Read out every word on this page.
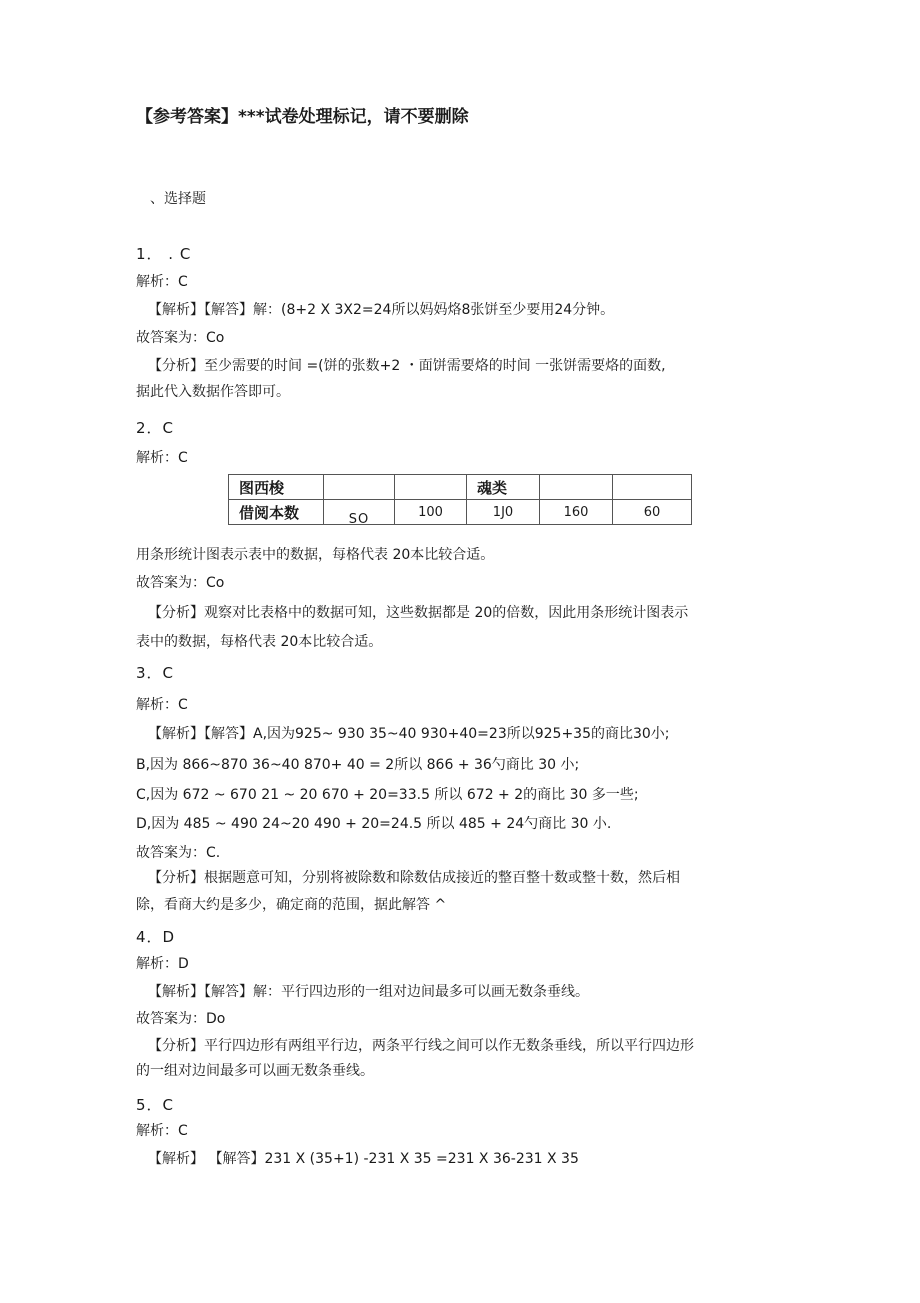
【参考答案】***试卷处理标记，请不要删除
、选择题
1． . C
解析：C
【解析】【解答】解：(8+2 X 3X2=24所以妈妈烙8张饼至少要用24分钟。
故答案为：Co
【分析】至少需要的时间 =(饼的张数+2 ・面饼需要烙的时间 一张饼需要烙的面数,
据此代入数据作答即可。
2．C
解析：C
图西梭			魂类		
借阅本数	SO	100	1J0	160	60
用条形统计图表示表中的数据，每格代表 20本比较合适。
故答案为：Co
【分析】观察对比表格中的数据可知，这些数据都是 20的倍数，因此用条形统计图表示
表中的数据，每格代表 20本比较合适。
3．C
解析：C
【解析】【解答】A,因为925~ 930 35~40 930+40=23所以925+35的商比30小;
B,因为 866~870 36~40 870+ 40 = 2所以 866 + 36勺商比 30 小;
C,因为 672 ~ 670 21 ~ 20 670 + 20=33.5 所以 672 + 2的商比 30 多一些;
D,因为 485 ~ 490 24~20 490 + 20=24.5 所以 485 + 24勺商比 30 小.
故答案为：C.
【分析】根据题意可知，分别将被除数和除数估成接近的整百整十数或整十数，然后相
除，看商大约是多少，确定商的范围，据此解答 ^
4．D
解析：D
【解析】【解答】解：平行四边形的一组对边间最多可以画无数条垂线。
故答案为：Do
【分析】平行四边形有两组平行边，两条平行线之间可以作无数条垂线，所以平行四边形
的一组对边间最多可以画无数条垂线。
5．C
解析：C
【解析】 【解答】231 X (35+1) -231 X 35 =231 X 36-231 X 35
